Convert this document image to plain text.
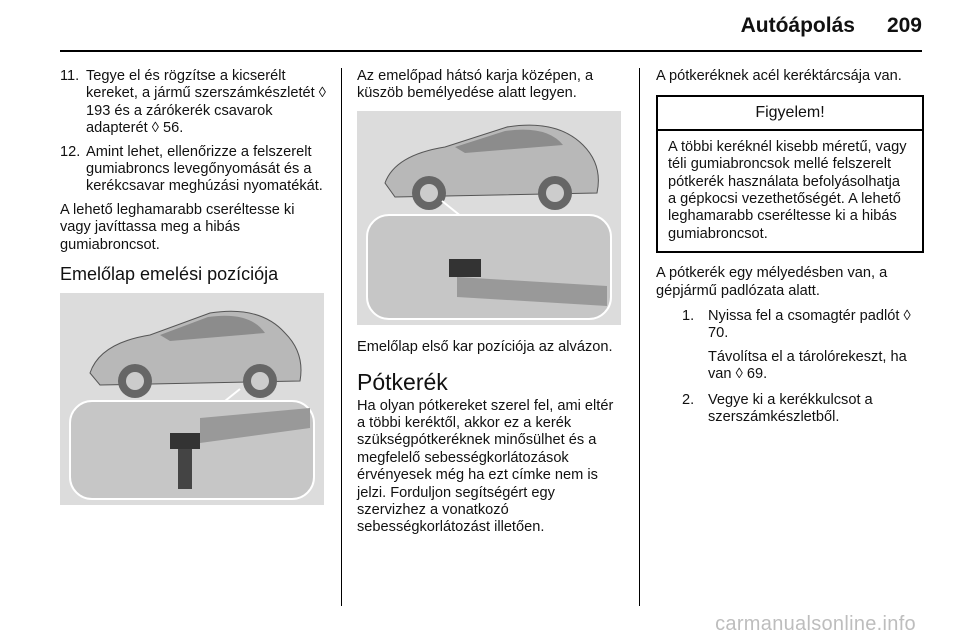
Autóápolás 209
11. Tegye el és rögzítse a kicserélt kereket, a jármű szerszámkészletét ◊ 193 és a zárókerék csavarok adapterét ◊ 56.
12. Amint lehet, ellenőrizze a felszerelt gumiabroncs levegőnyomását és a kerékcsavar meghúzási nyomatékát.

A lehető leghamarabb cseréltesse ki vagy javíttassa meg a hibás gumiabroncsot.

Emelőlap emelési pozíciója

Az emelőpad hátsó karja középen, a küszöb bemélyedése alatt legyen.

Emelőlap első kar pozíciója az alvázon.

Pótkerék

Ha olyan pótkereket szerel fel, ami eltér a többi keréktől, akkor ez a kerék szükségpótkeréknek minősülhet és a megfelelő sebességkorlátozások érvényesek még ha ezt címke nem is jelzi. Forduljon segítségért egy szervizhez a vonatkozó sebességkorlátozást illetően.

A pótkeréknek acél keréktárcsája van.

Figyelem!
A többi keréknél kisebb méretű, vagy téli gumiabroncsok mellé felszerelt pótkerék használata befolyásolhatja a gépkocsi vezethetőségét. A lehető leghamarabb cseréltesse ki a hibás gumiabroncsot.

A pótkerék egy mélyedésben van, a gépjármű padlózata alatt.

1. Nyissa fel a csomagtér padlót ◊ 70.

Távolítsa el a tárolórekeszt, ha van ◊ 69.

2. Vegye ki a kerékkulcsot a szerszámkészletből.
carmanualsonline.info
